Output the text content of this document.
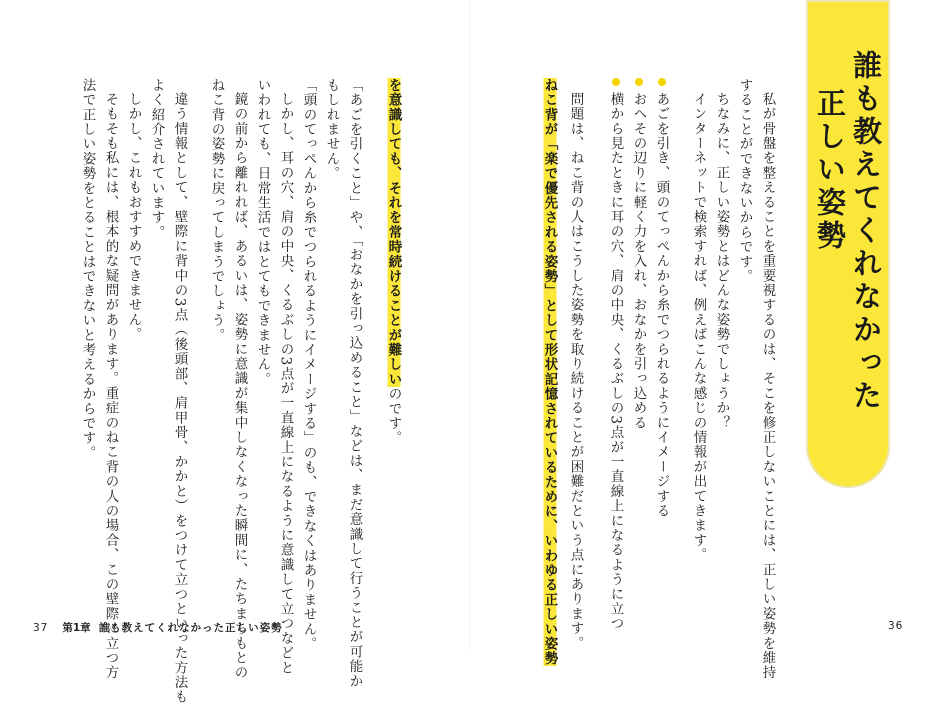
誰も教えてくれなかった
正しい姿勢
私が骨盤を整えることを重要視するのは、そこを修正しないことには、正しい姿勢を維持
することができないからです。
ちなみに、正しい姿勢とはどんな姿勢でしょうか？
インターネットで検索すれば、例えばこんな感じの情報が出てきます。
あごを引き、頭のてっぺんから糸でつられるようにイメージする
おへその辺りに軽く力を入れ、おなかを引っ込める
横から見たときに耳の穴、肩の中央、くるぶしの3点が一直線上になるように立つ
問題は、ねこ背の人はこうした姿勢を取り続けることが困難だという点にあります。
ねこ背が「楽で優先される姿勢」として形状記憶されているために、いわゆる正しい姿勢
を意識しても、それを常時続けることが難しいのです。
「あごを引くこと」や、「おなかを引っ込めること」などは、まだ意識して行うことが可能か
もしれません。
「頭のてっぺんから糸でつられるようにイメージする」のも、できなくはありません。
しかし、耳の穴、肩の中央、くるぶしの3点が一直線上になるように意識して立つなどと
いわれても、日常生活ではとてもできません。
鏡の前から離れれば、あるいは、姿勢に意識が集中しなくなった瞬間に、たちまちもとの
ねこ背の姿勢に戻ってしまうでしょう。
違う情報として、壁際に背中の3点（後頭部、肩甲骨、かかと）をつけて立つといった方法も
よく紹介されています。
しかし、これもおすすめできません。
そもそも私には、根本的な疑問があります。重症のねこ背の人の場合、この壁際に立つ方
法で正しい姿勢をとることはできないと考えるからです。
37 第1章 誰も教えてくれなかった正しい姿勢	36
